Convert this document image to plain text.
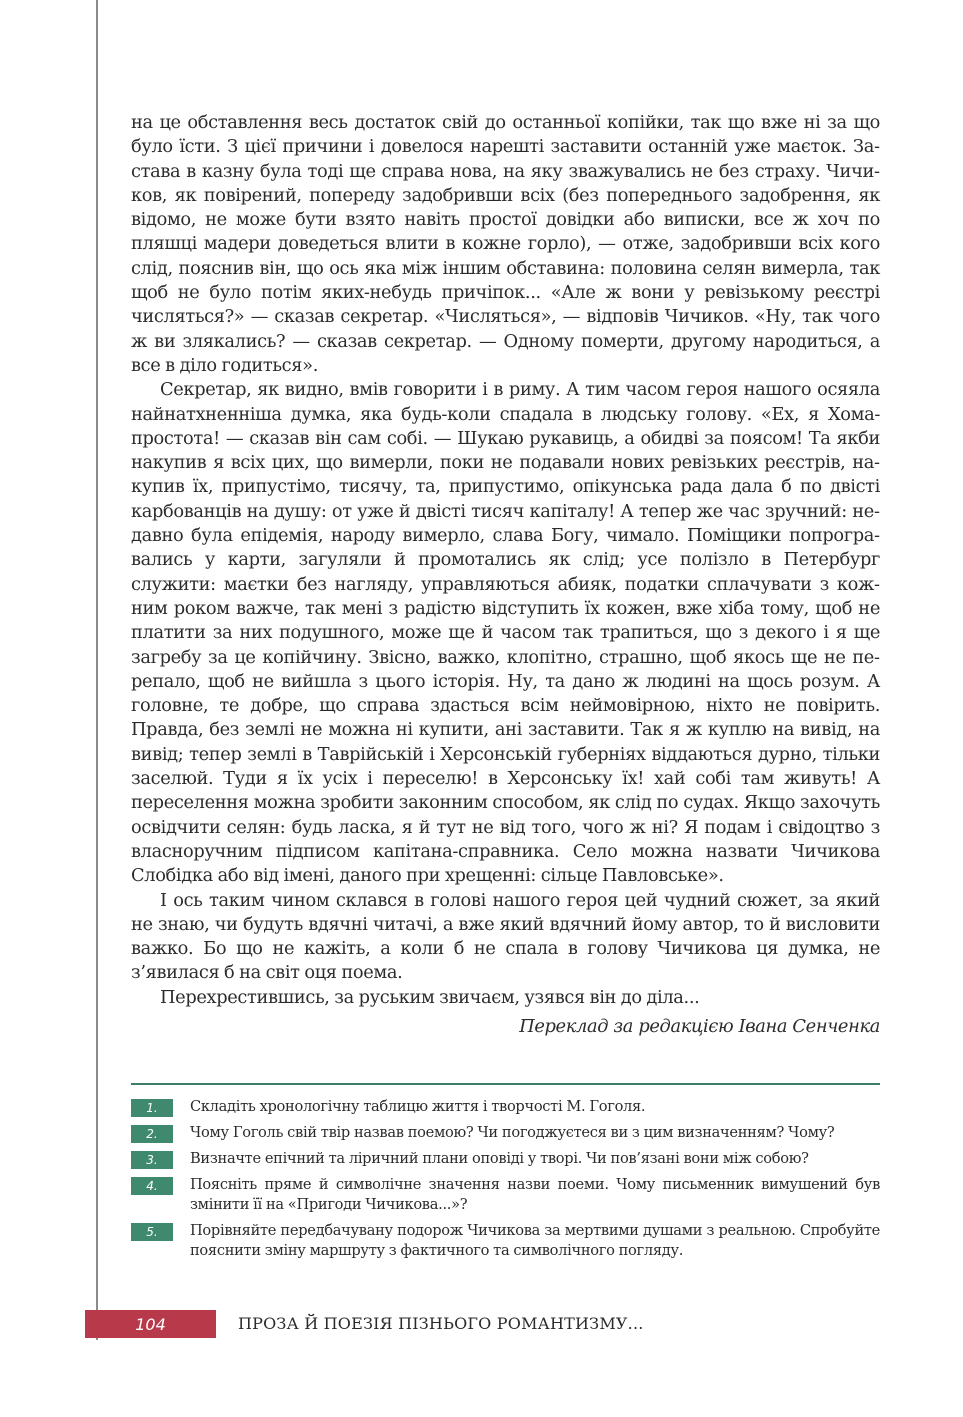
на це обставлення весь достаток свій до останньої копійки, так що вже ні за що було їсти. З цієї причини і довелося нарешті заставити останній уже маєток. Застава в казну була тоді ще справа нова, на яку зважувались не без страху. Чичиков, як повірений, попереду задобривши всіх (без попереднього задобрення, як відомо, не може бути взято навіть простої довідки або виписки, все ж хоч по пляшці мадери доведеться влити в кожне горло), — отже, задобривши всіх кого слід, пояснив він, що ось яка між іншим обставина: половина селян вимерла, так щоб не було потім яких-небудь причіпок... «Але ж вони у ревізькому реєстрі числяться?» — сказав секретар. «Числяться», — відповів Чичиков. «Ну, так чого ж ви злякались? — сказав секретар. — Одному померти, другому народиться, а все в діло годиться».

Секретар, як видно, вмів говорити і в риму. А тим часом героя нашого осяяла найнатхненніша думка, яка будь-коли спадала в людську голову. «Ех, я Хома-простота! — сказав він сам собі. — Шукаю рукавиць, а обидві за поясом! Та якби накупив я всіх цих, що вимерли, поки не подавали нових ревізьких реєстрів, накупив їх, припустімо, тисячу, та, припустимо, опікунська рада дала б по двісті карбованців на душу: от уже й двісті тисяч капіталу! А тепер же час зручний: недавно була епідемія, народу вимерло, слава Богу, чимало. Поміщики попрогравались у карти, загуляли й промотались як слід; усе полізло в Петербург служити: маєтки без нагляду, управляються абияк, податки сплачувати з кожним роком важче, так мені з радістю відступить їх кожен, вже хіба тому, щоб не платити за них подушного, може ще й часом так трапиться, що з декого і я ще загребу за це копійчину. Звісно, важко, клопітно, страшно, щоб якось ще не перепало, щоб не вийшла з цього історія. Ну, та дано ж людині на щось розум. А головне, те добре, що справа здасться всім неймовірною, ніхто не повірить. Правда, без землі не можна ні купити, ані заставити. Так я ж куплю на вивід, на вивід; тепер землі в Таврійській і Херсонській губерніях віддаються дурно, тільки заселюй. Туди я їх усіх і переселю! в Херсонську їх! хай собі там живуть! А переселення можна зробити законним способом, як слід по судах. Якщо захочуть освідчити селян: будь ласка, я й тут не від того, чого ж ні? Я подам і свідоцтво з власноручним підписом капітана-справника. Село можна назвати Чичикова Слобідка або від імені, даного при хрещенні: сільце Павловське».

І ось таким чином склався в голові нашого героя цей чудний сюжет, за який не знаю, чи будуть вдячні читачі, а вже який вдячний йому автор, то й висловити важко. Бо що не кажіть, а коли б не спала в голову Чичикова ця думка, не з’явилася б на світ оця поема.

Перехрестившись, за руським звичаєм, узявся він до діла...

Переклад за редакцією Івана Сенченка

1.	Складіть хронологічну таблицю життя і творчості М. Гоголя.
2.	Чому Гоголь свій твір назвав поемою? Чи погоджуєтеся ви з цим визначенням? Чому?
3.	Визначте епічний та ліричний плани оповіді у творі. Чи пов’язані вони між собою?
4.	Поясніть пряме й символічне значення назви поеми. Чому письменник вимушений був змінити її на «Пригоди Чичикова...»?
5.	Порівняйте передбачувану подорож Чичикова за мертвими душами з реальною. Спробуйте пояснити зміну маршруту з фактичного та символічного погляду.
104	ПРОЗА Й ПОЕЗІЯ ПІЗНЬОГО РОМАНТИЗМУ...
